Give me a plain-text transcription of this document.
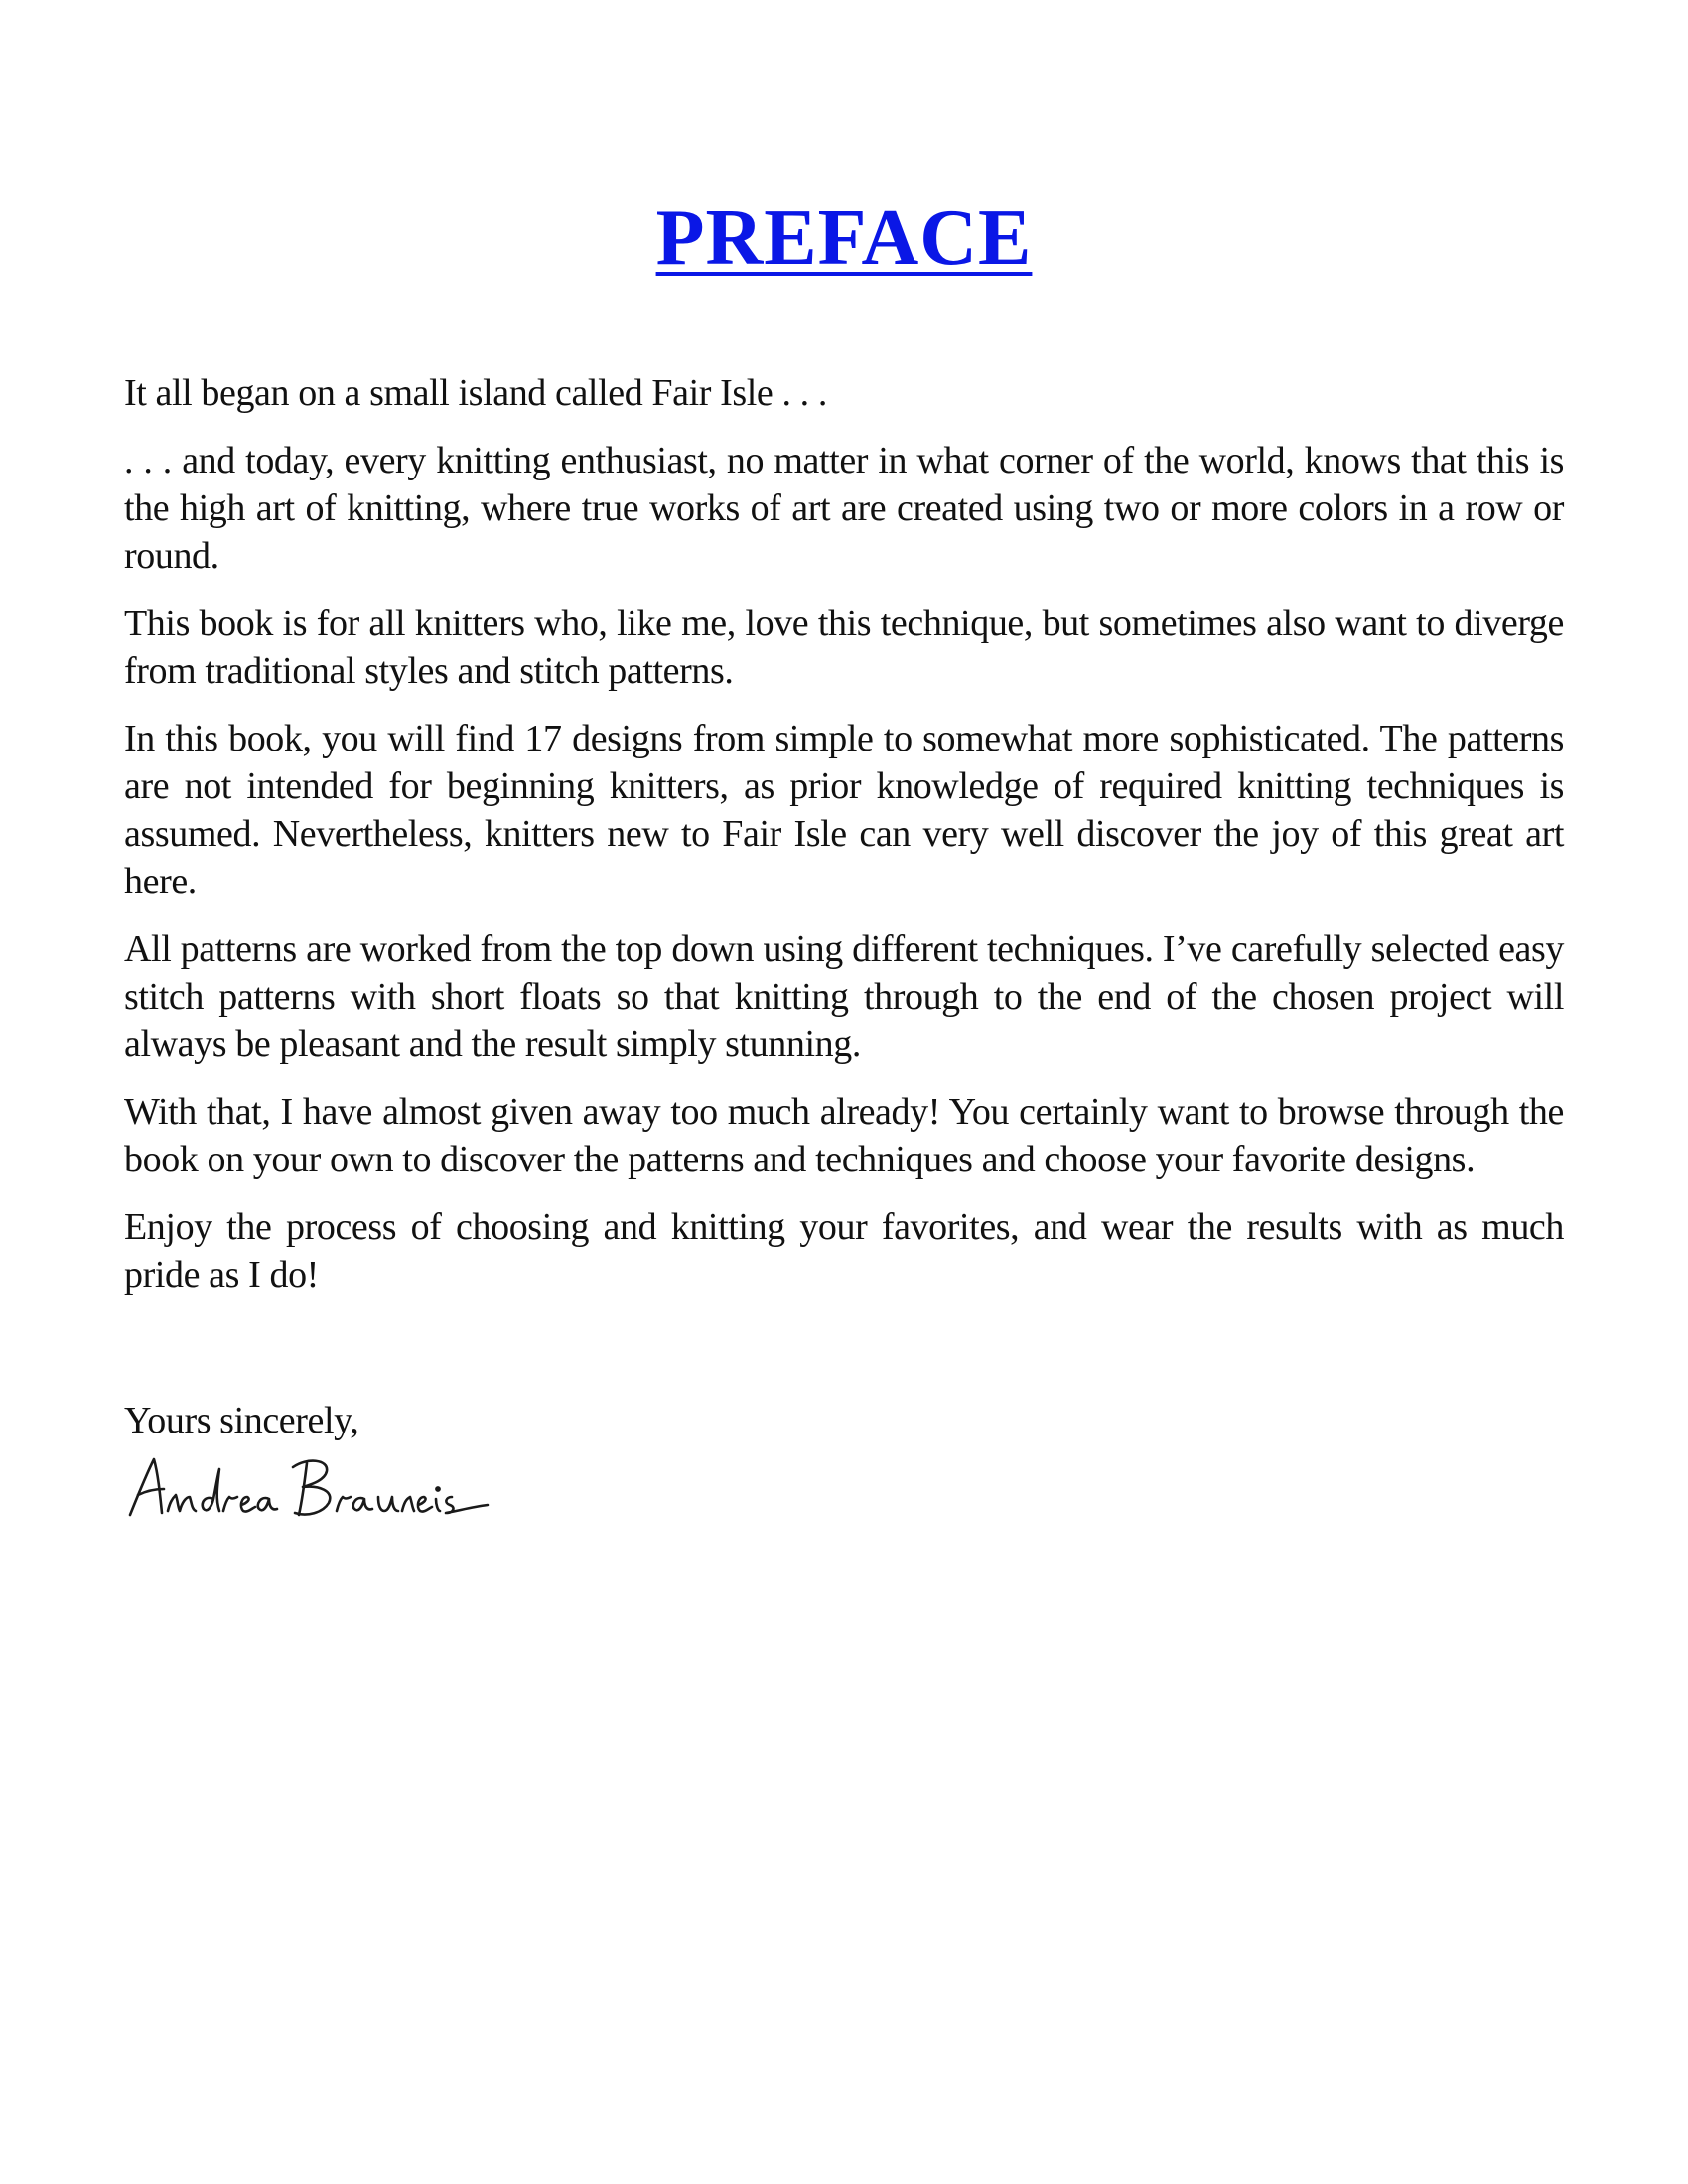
PREFACE

It all began on a small island called Fair Isle . . .

. . . and today, every knitting enthusiast, no matter in what corner of the world, knows that this is the high art of knitting, where true works of art are created using two or more colors in a row or round.

This book is for all knitters who, like me, love this technique, but sometimes also want to diverge from traditional styles and stitch patterns.

In this book, you will find 17 designs from simple to somewhat more sophisticated. The patterns are not intended for beginning knitters, as prior knowledge of required knitting techniques is assumed. Nevertheless, knitters new to Fair Isle can very well discover the joy of this great art here.

All patterns are worked from the top down using different techniques. I’ve carefully selected easy stitch patterns with short floats so that knitting through to the end of the chosen project will always be pleasant and the result simply stunning.

With that, I have almost given away too much already! You certainly want to browse through the book on your own to discover the patterns and techniques and choose your favorite designs.

Enjoy the process of choosing and knitting your favorites, and wear the results with as much pride as I do!

Yours sincerely,
